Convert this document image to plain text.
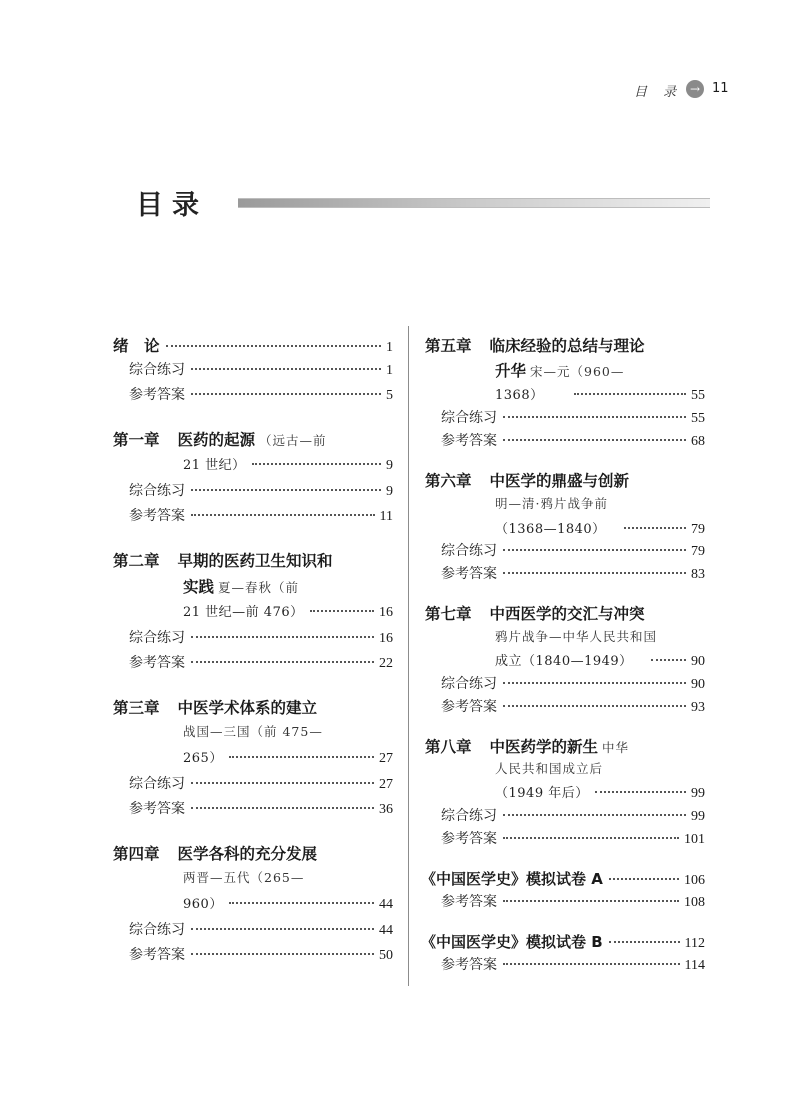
目 录 → 11
目录
绪　论	1
综合练习	1
参考答案	5
第一章 医药的起源 （远古—前
21 世纪）	9
综合练习	9
参考答案	11
第二章 早期的医药卫生知识和
实践 夏—春秋（前
21 世纪—前 476）	16
综合练习	16
参考答案	22
第三章 中医学术体系的建立
战国—三国（前 475—
265）	27
综合练习	27
参考答案	36
第四章 医学各科的充分发展
两晋—五代（265—
960）	44
综合练习	44
参考答案	50
第五章 临床经验的总结与理论
升华 宋—元（960—
1368）	55
综合练习	55
参考答案	68
第六章 中医学的鼎盛与创新
明—清·鸦片战争前
（1368—1840）	79
综合练习	79
参考答案	83
第七章 中西医学的交汇与冲突
鸦片战争—中华人民共和国
成立（1840—1949）	90
综合练习	90
参考答案	93
第八章 中医药学的新生 中华
人民共和国成立后
（1949 年后）	99
综合练习	99
参考答案	101
《中国医学史》模拟试卷 A	106
参考答案	108
《中国医学史》模拟试卷 B	112
参考答案	114
